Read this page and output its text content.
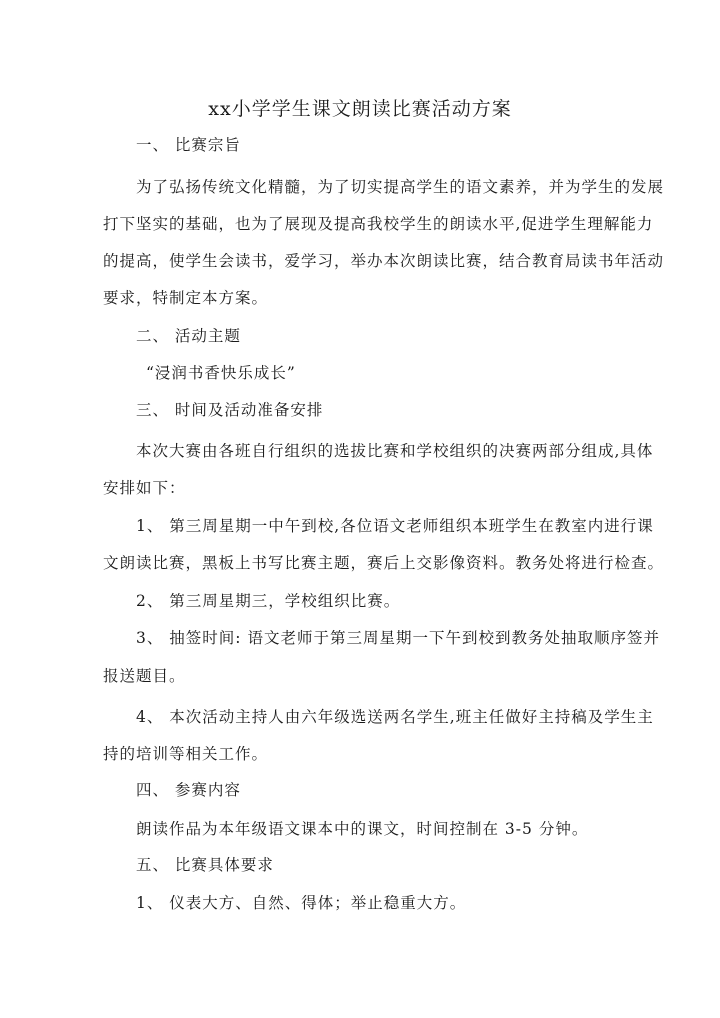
xx小学学生课文朗读比赛活动方案
一、 比赛宗旨
为了弘扬传统文化精髓，为了切实提高学生的语文素养，并为学生的发展
打下坚实的基础，也为了展现及提高我校学生的朗读水平,促进学生理解能力
的提高，使学生会读书，爱学习，举办本次朗读比赛，结合教育局读书年活动
要求，特制定本方案。
二、 活动主题
“浸润书香快乐成长”
三、 时间及活动准备安排
本次大赛由各班自行组织的选拔比赛和学校组织的决赛两部分组成,具体
安排如下：
1、 第三周星期一中午到校,各位语文老师组织本班学生在教室内进行课
文朗读比赛，黑板上书写比赛主题，赛后上交影像资料。教务处将进行检查。
2、 第三周星期三，学校组织比赛。
3、 抽签时间: 语文老师于第三周星期一下午到校到教务处抽取顺序签并
报送题目。
4、 本次活动主持人由六年级选送两名学生,班主任做好主持稿及学生主
持的培训等相关工作。
四、 参赛内容
朗读作品为本年级语文课本中的课文，时间控制在 3-5 分钟。
五、 比赛具体要求
1、 仪表大方、自然、得体；举止稳重大方。
